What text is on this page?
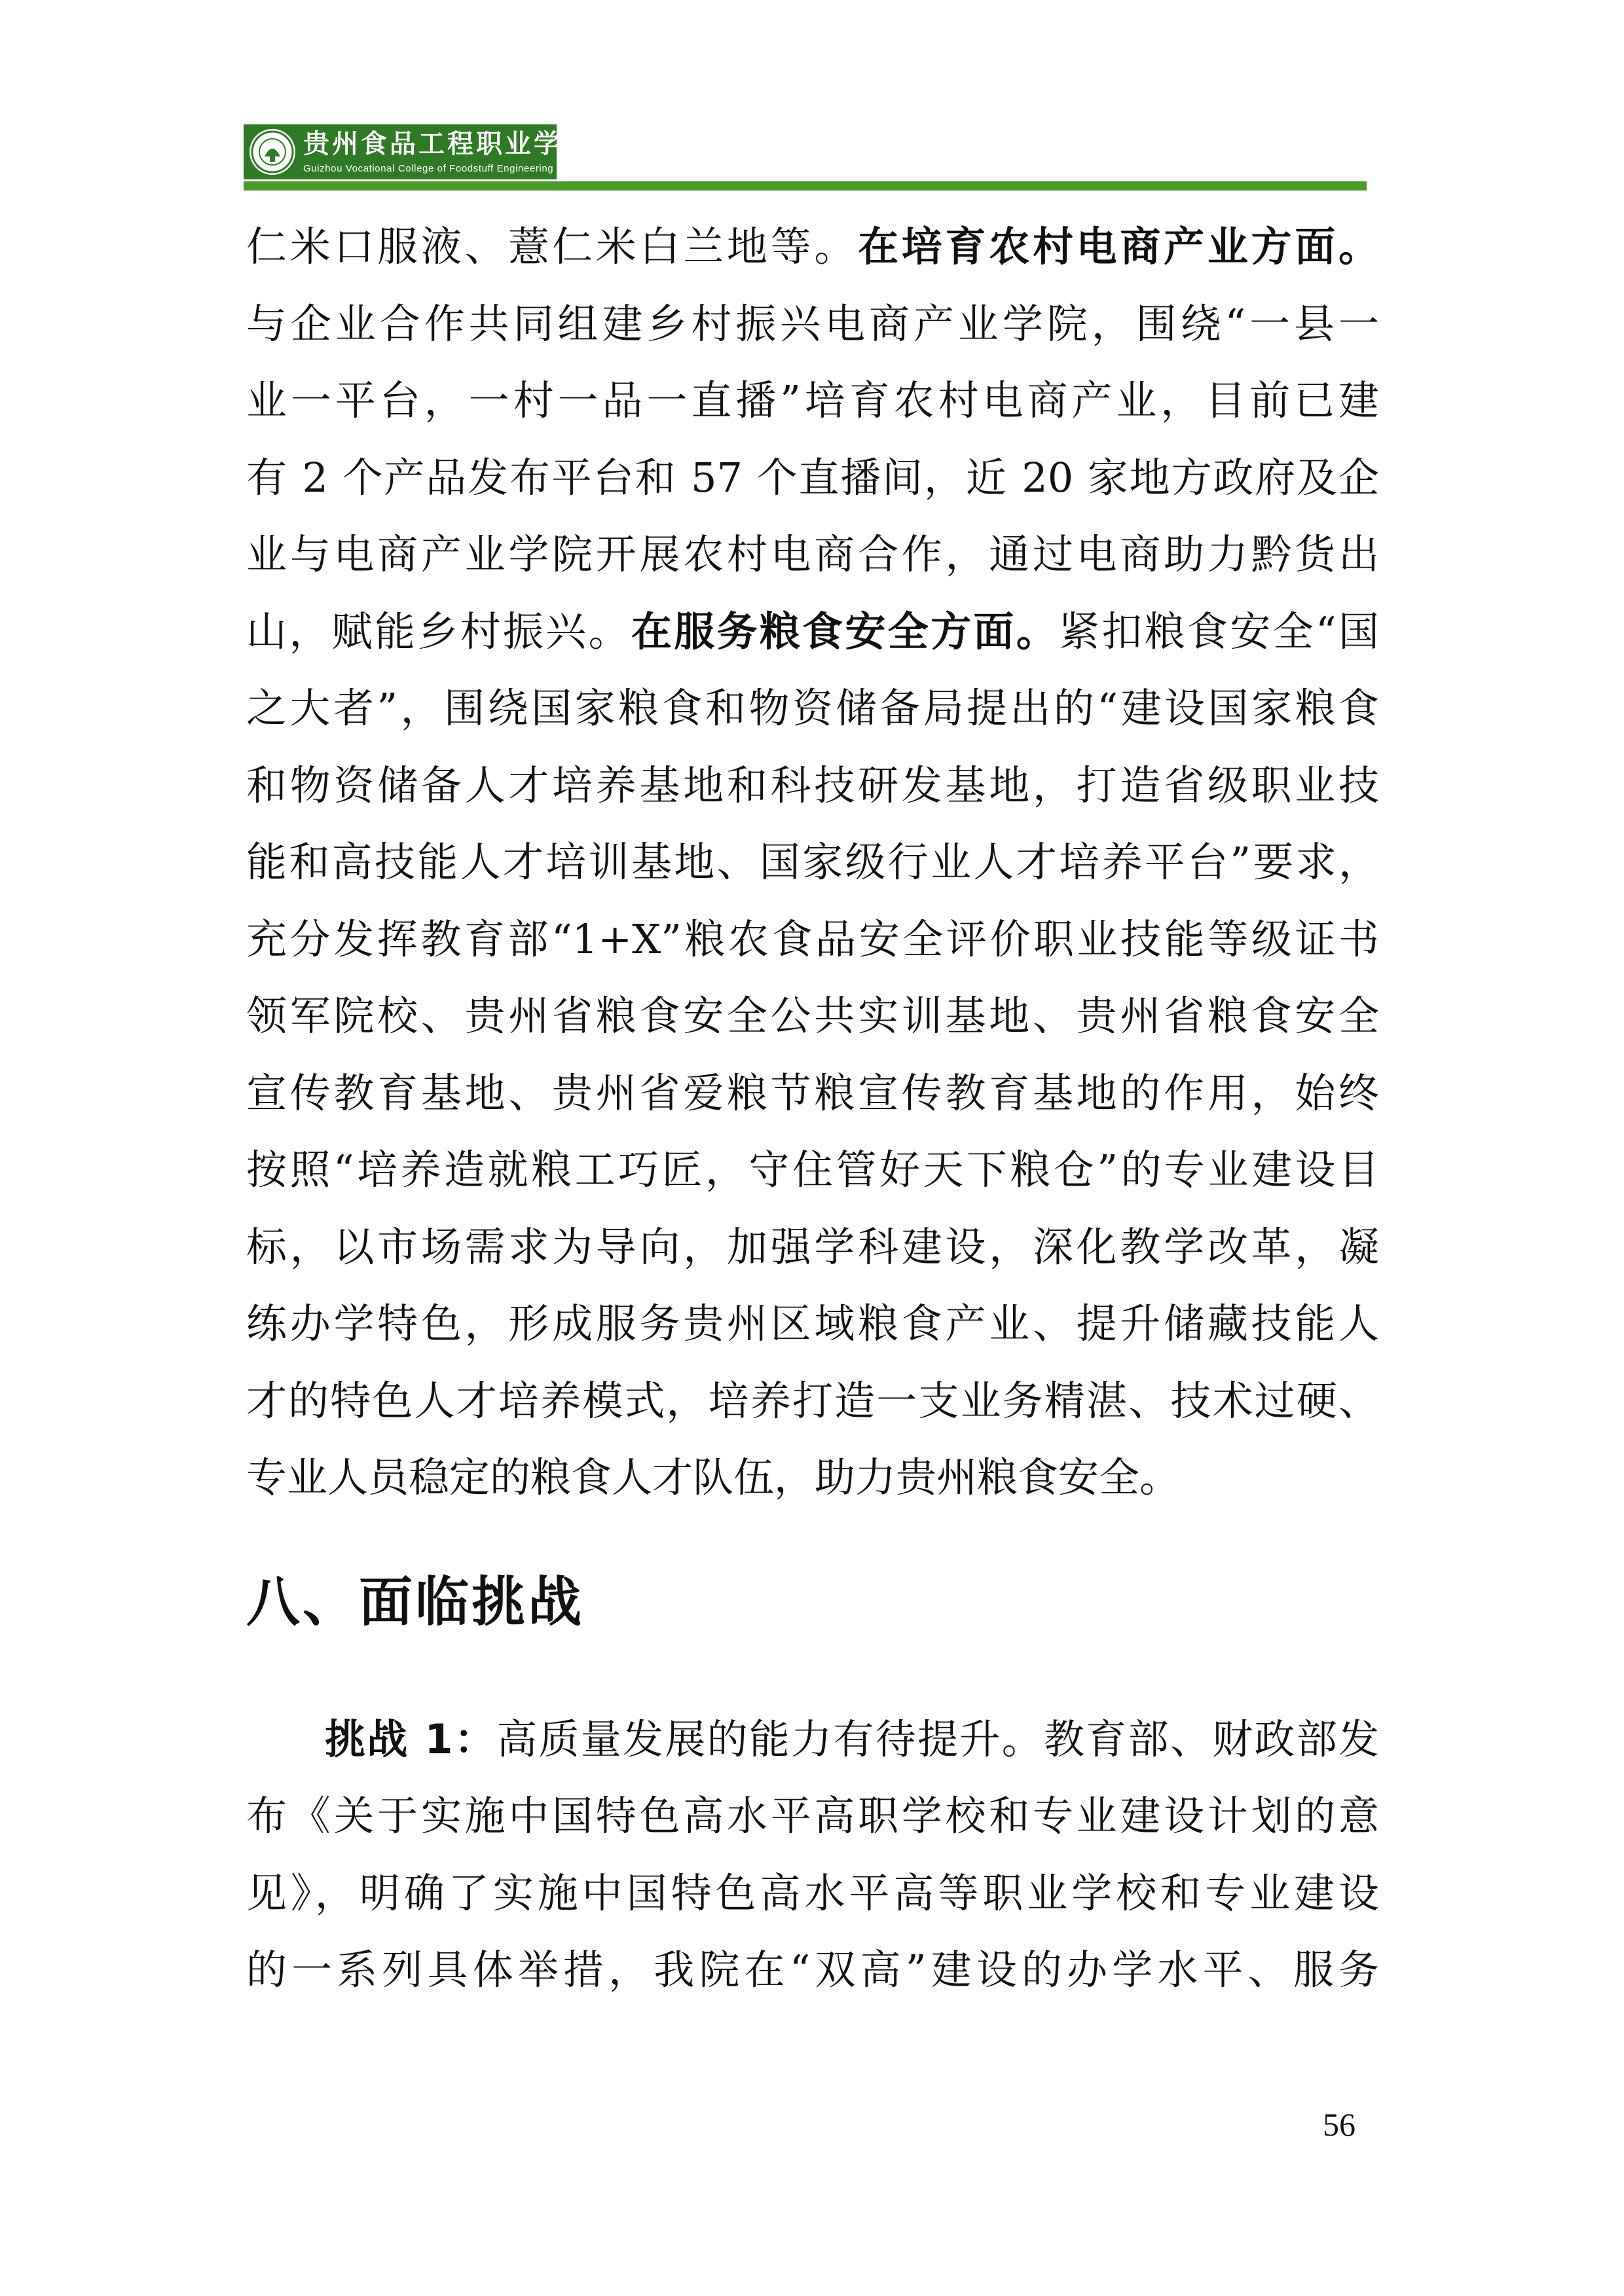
贵州食品工程职业学院
Guizhou Vocational College of Foodstuff Engineering

仁米口服液、薏仁米白兰地等。在培育农村电商产业方面。

与企业合作共同组建乡村振兴电商产业学院，围绕“一县一

业一平台，一村一品一直播”培育农村电商产业，目前已建

有 2 个产品发布平台和 57 个直播间，近 20 家地方政府及企

业与电商产业学院开展农村电商合作，通过电商助力黔货出

山，赋能乡村振兴。在服务粮食安全方面。紧扣粮食安全“国

之大者”，围绕国家粮食和物资储备局提出的“建设国家粮食

和物资储备人才培养基地和科技研发基地，打造省级职业技

能和高技能人才培训基地、国家级行业人才培养平台”要求，

充分发挥教育部“1+X”粮农食品安全评价职业技能等级证书

领军院校、贵州省粮食安全公共实训基地、贵州省粮食安全

宣传教育基地、贵州省爱粮节粮宣传教育基地的作用，始终

按照“培养造就粮工巧匠，守住管好天下粮仓”的专业建设目

标，以市场需求为导向，加强学科建设，深化教学改革，凝

练办学特色，形成服务贵州区域粮食产业、提升储藏技能人

才的特色人才培养模式，培养打造一支业务精湛、技术过硬、

专业人员稳定的粮食人才队伍，助力贵州粮食安全。

八、面临挑战

挑战 1：高质量发展的能力有待提升。教育部、财政部发

布《关于实施中国特色高水平高职学校和专业建设计划的意

见》，明确了实施中国特色高水平高等职业学校和专业建设

的一系列具体举措，我院在“双高”建设的办学水平、服务

56
